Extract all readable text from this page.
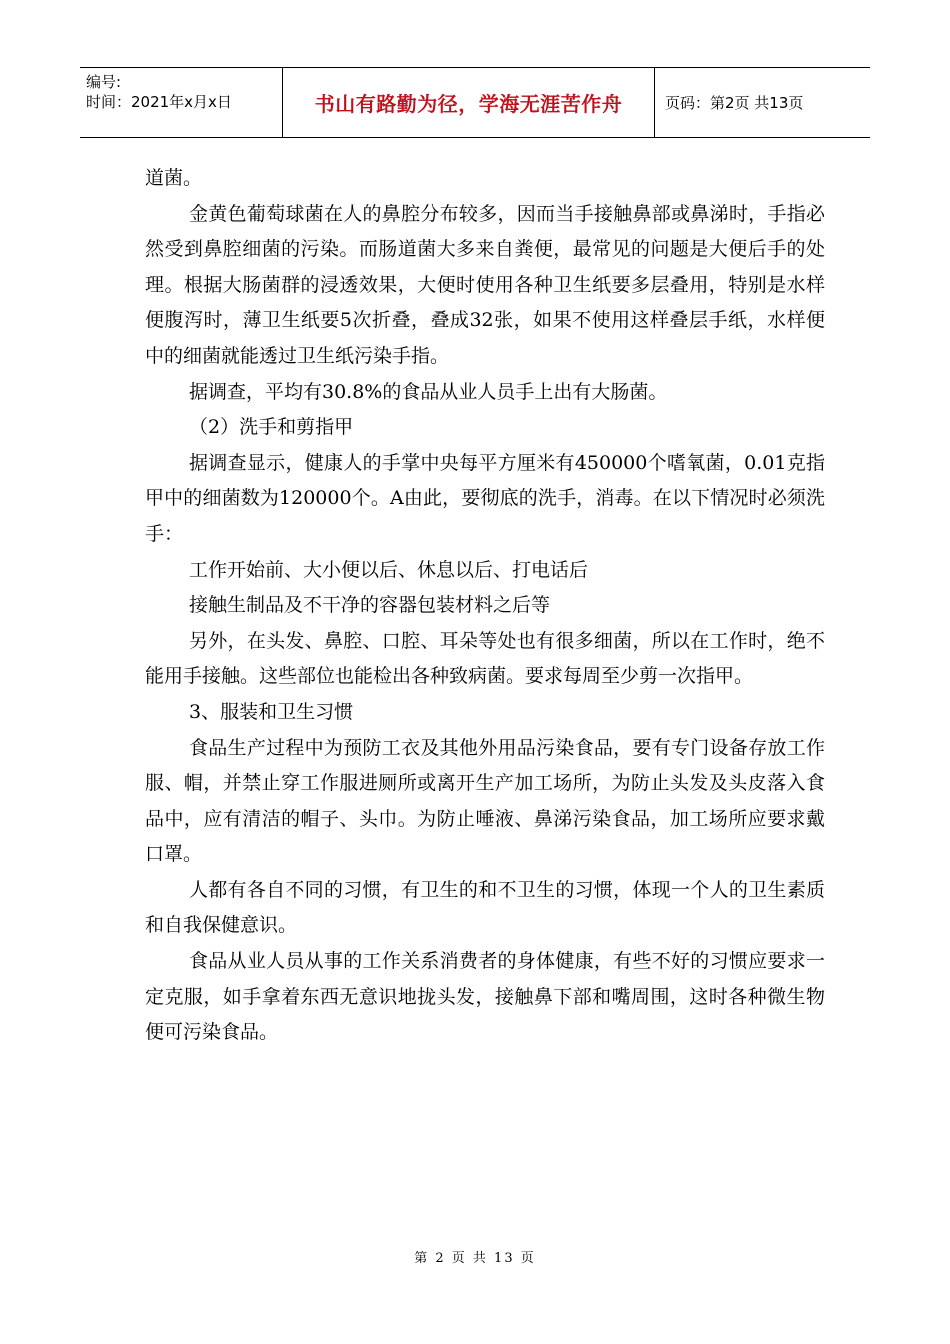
编号:
时间：2021年x月x日	书山有路勤为径，学海无涯苦作舟	页码：第2页 共13页

道菌。

金黄色葡萄球菌在人的鼻腔分布较多，因而当手接触鼻部或鼻涕时，手指必然受到鼻腔细菌的污染。而肠道菌大多来自粪便，最常见的问题是大便后手的处理。根据大肠菌群的浸透效果，大便时使用各种卫生纸要多层叠用，特别是水样便腹泻时，薄卫生纸要5次折叠，叠成32张，如果不使用这样叠层手纸，水样便中的细菌就能透过卫生纸污染手指。

据调查，平均有30.8%的食品从业人员手上出有大肠菌。

（2）洗手和剪指甲

据调查显示，健康人的手掌中央每平方厘米有450000个嗜氧菌，0.01克指甲中的细菌数为120000个。A由此，要彻底的洗手，消毒。在以下情况时必须洗手：

工作开始前、大小便以后、休息以后、打电话后

接触生制品及不干净的容器包装材料之后等

另外，在头发、鼻腔、口腔、耳朵等处也有很多细菌，所以在工作时，绝不能用手接触。这些部位也能检出各种致病菌。要求每周至少剪一次指甲。

3、服装和卫生习惯

食品生产过程中为预防工衣及其他外用品污染食品，要有专门设备存放工作服、帽，并禁止穿工作服进厕所或离开生产加工场所，为防止头发及头皮落入食品中，应有清洁的帽子、头巾。为防止唾液、鼻涕污染食品，加工场所应要求戴口罩。

人都有各自不同的习惯，有卫生的和不卫生的习惯，体现一个人的卫生素质和自我保健意识。

食品从业人员从事的工作关系消费者的身体健康，有些不好的习惯应要求一定克服，如手拿着东西无意识地拢头发，接触鼻下部和嘴周围，这时各种微生物便可污染食品。

第 2 页 共 13 页
